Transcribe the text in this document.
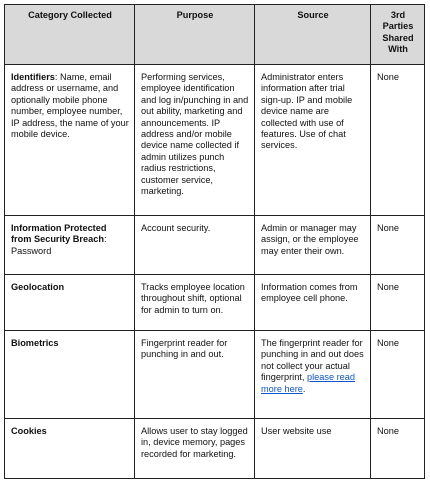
Category Collected	Purpose	Source	3rd Parties Shared With
Identifiers: Name, email address or username, and optionally mobile phone number, employee number, IP address, the name of your mobile device.	Performing services, employee identification and log in/punching in and out ability, marketing and announcements. IP address and/or mobile device name collected if admin utilizes punch radius restrictions, customer service, marketing.	Administrator enters information after trial sign-up. IP and mobile device name are collected with use of features. Use of chat services.	None
Information Protected from Security Breach: Password	Account security.	Admin or manager may assign, or the employee may enter their own.	None
Geolocation	Tracks employee location throughout shift, optional for admin to turn on.	Information comes from employee cell phone.	None
Biometrics	Fingerprint reader for punching in and out.	The fingerprint reader for punching in and out does not collect your actual fingerprint, please read more here.	None
Cookies	Allows user to stay logged in, device memory, pages recorded for marketing.	User website use	None
